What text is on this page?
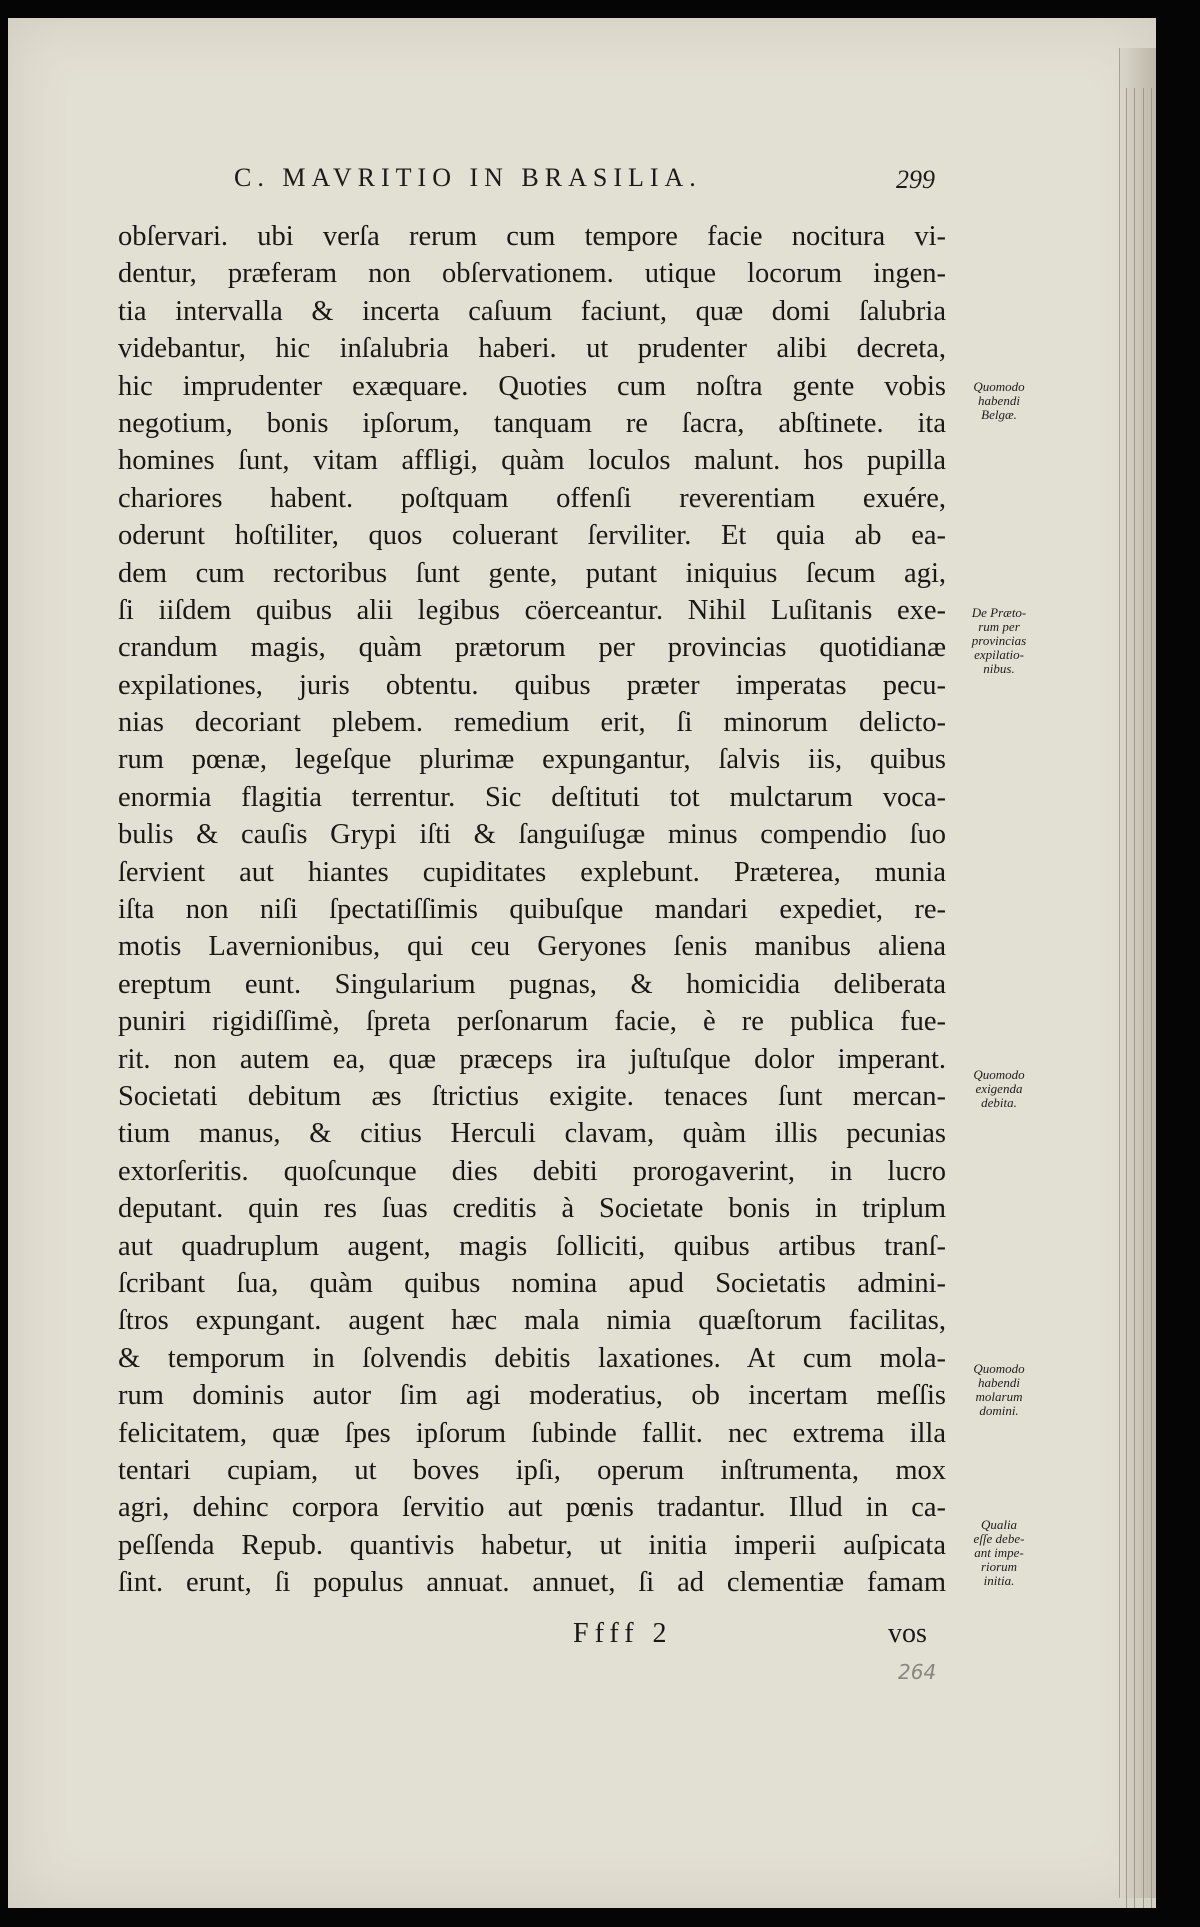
C. MAVRITIO IN BRASILIA.	299
obſervari. ubi verſa rerum cum tempore facie nocitura vi-
dentur, præferam non obſervationem. utique locorum ingen-
tia intervalla & incerta caſuum faciunt, quæ domi ſalubria
videbantur, hic inſalubria haberi. ut prudenter alibi decreta,
hic imprudenter exæquare. Quoties cum noſtra gente vobis
negotium, bonis ipſorum, tanquam re ſacra, abſtinete. ita
homines ſunt, vitam affligi, quàm loculos malunt. hos pupilla
chariores habent. poſtquam offenſi reverentiam exuére,
oderunt hoſtiliter, quos coluerant ſerviliter. Et quia ab ea-
dem cum rectoribus ſunt gente, putant iniquius ſecum agi,
ſi iiſdem quibus alii legibus cöerceantur. Nihil Luſitanis exe-
crandum magis, quàm prætorum per provincias quotidianæ
expilationes, juris obtentu. quibus præter imperatas pecu-
nias decoriant plebem. remedium erit, ſi minorum delicto-
rum pœnæ, legeſque plurimæ expungantur, ſalvis iis, quibus
enormia flagitia terrentur. Sic deſtituti tot mulctarum voca-
bulis & cauſis Grypi iſti & ſanguiſugæ minus compendio ſuo
ſervient aut hiantes cupiditates explebunt. Præterea, munia
iſta non niſi ſpectatiſſimis quibuſque mandari expediet, re-
motis Lavernionibus, qui ceu Geryones ſenis manibus aliena
ereptum eunt. Singularium pugnas, & homicidia deliberata
puniri rigidiſſimè, ſpreta perſonarum facie, è re publica fue-
rit. non autem ea, quæ præceps ira juſtuſque dolor imperant.
Societati debitum æs ſtrictius exigite. tenaces ſunt mercan-
tium manus, & citius Herculi clavam, quàm illis pecunias
extorſeritis. quoſcunque dies debiti prorogaverint, in lucro
deputant. quin res ſuas creditis à Societate bonis in triplum
aut quadruplum augent, magis ſolliciti, quibus artibus tranſ-
ſcribant ſua, quàm quibus nomina apud Societatis admini-
ſtros expungant. augent hæc mala nimia quæſtorum facilitas,
& temporum in ſolvendis debitis laxationes. At cum mola-
rum dominis autor ſim agi moderatius, ob incertam meſſis
felicitatem, quæ ſpes ipſorum ſubinde fallit. nec extrema illa
tentari cupiam, ut boves ipſi, operum inſtrumenta, mox
agri, dehinc corpora ſervitio aut pœnis tradantur. Illud in ca-
peſſenda Repub. quantivis habetur, ut initia imperii auſpicata
ſint. erunt, ſi populus annuat. annuet, ſi ad clementiæ famam
Quomodo
habendi
Belgæ.
De Præto-
rum per
provincias
expilatio-
nibus.
Quomodo
exigenda
debita.
Quomodo
habendi
molarum
domini.
Qualia
eſſe debe-
ant impe-
riorum
initia.
Ffff 2	vos
264
